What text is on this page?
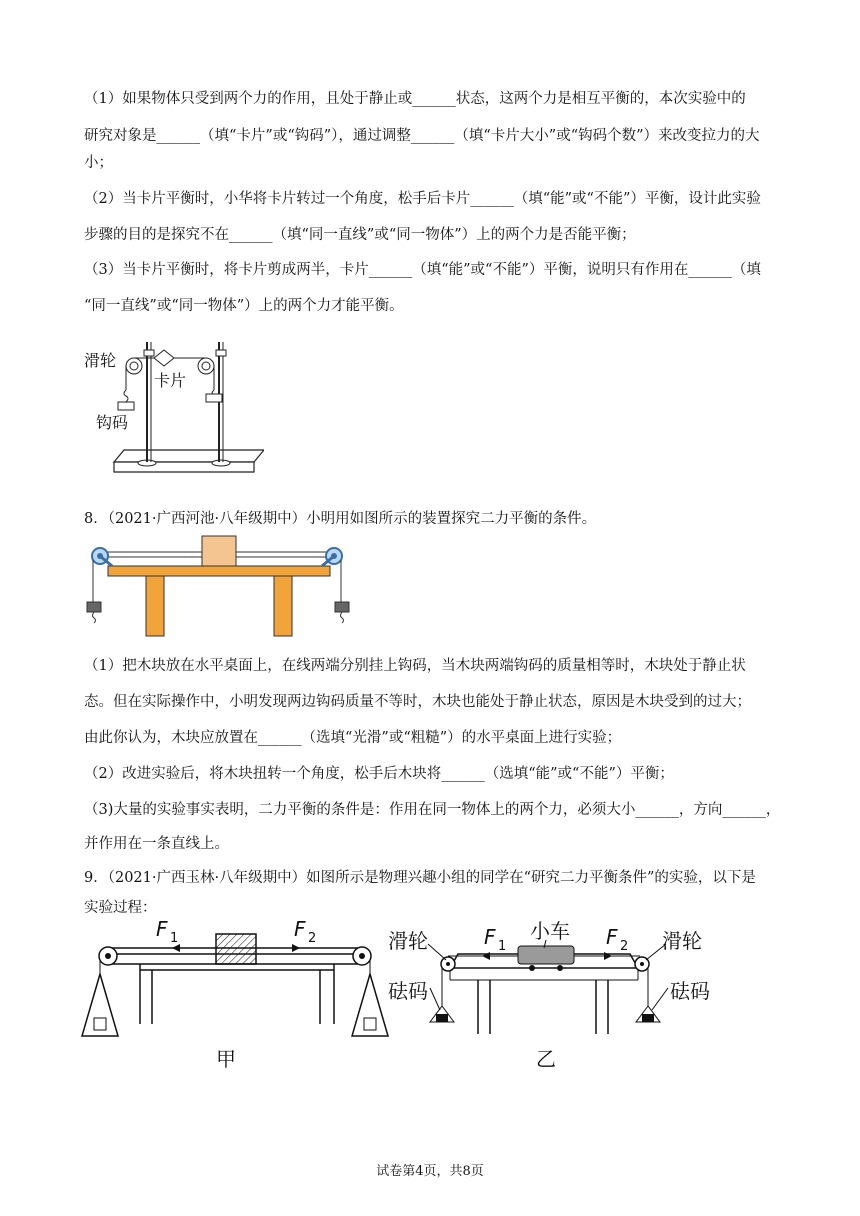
（1）如果物体只受到两个力的作用，且处于静止或______状态，这两个力是相互平衡的，本次实验中的
研究对象是______（填“卡片”或“钩码”），通过调整______（填“卡片大小”或“钩码个数”）来改变拉力的大
小；
（2）当卡片平衡时，小华将卡片转过一个角度，松手后卡片______（填“能”或“不能”）平衡，设计此实验
步骤的目的是探究不在______（填“同一直线”或“同一物体”）上的两个力是否能平衡；
（3）当卡片平衡时，将卡片剪成两半，卡片______（填“能”或“不能”）平衡，说明只有作用在______（填
“同一直线”或“同一物体”）上的两个力才能平衡。
滑轮
卡片
钩码
8．（2021·广西河池·八年级期中）小明用如图所示的装置探究二力平衡的条件。
（1）把木块放在水平桌面上，在线两端分别挂上钩码，当木块两端钩码的质量相等时，木块处于静止状
态。但在实际操作中，小明发现两边钩码质量不等时，木块也能处于静止状态，原因是木块受到的过大；
由此你认为，木块应放置在______（选填“光滑”或“粗糙”）的水平桌面上进行实验；
（2）改进实验后，将木块扭转一个角度，松手后木块将______（选填“能”或“不能”）平衡；
（3)大量的实验事实表明，二力平衡的条件是：作用在同一物体上的两个力，必须大小______，方向______，
并作用在一条直线上。
9．（2021·广西玉林·八年级期中）如图所示是物理兴趣小组的同学在“研究二力平衡条件”的实验，以下是
实验过程：
F 1	F 2
甲
滑轮	滑轮
小车
砝码	砝码
F 1	F 2
乙
试卷第4页，共8页
